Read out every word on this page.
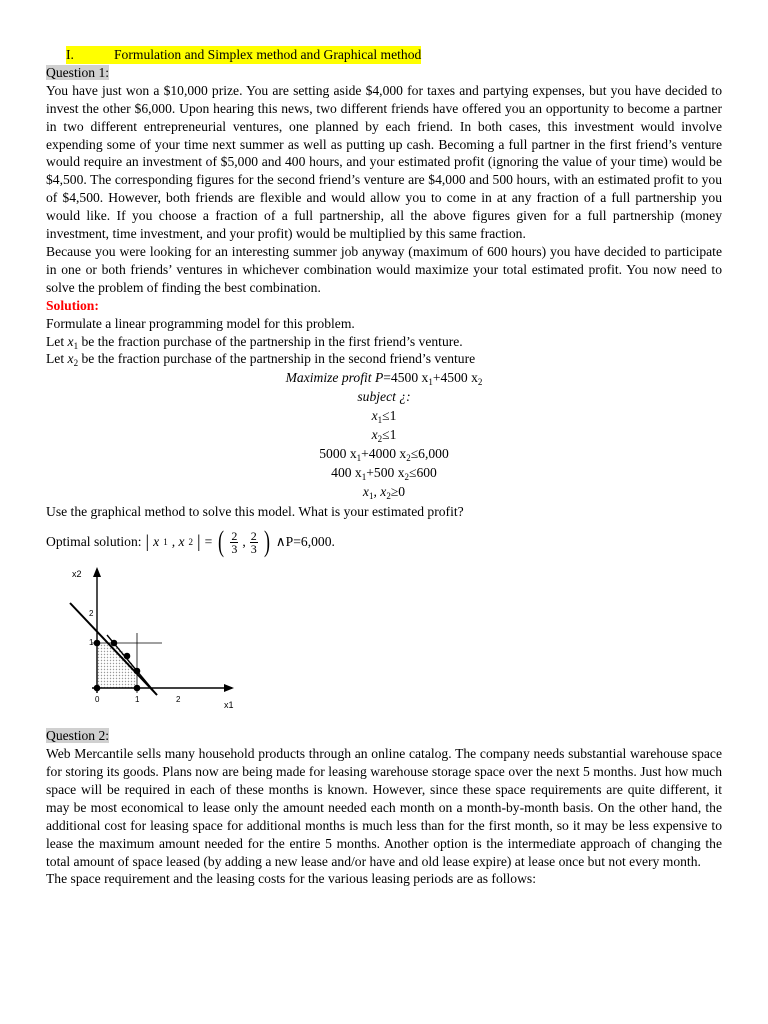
I.	Formulation and Simplex method and Graphical method
Question 1:

You have just won a $10,000 prize. You are setting aside $4,000 for taxes and partying expenses, but you have decided to invest the other $6,000. Upon hearing this news, two different friends have offered you an opportunity to become a partner in two different entrepreneurial ventures, one planned by each friend. In both cases, this investment would involve expending some of your time next summer as well as putting up cash. Becoming a full partner in the first friend’s venture would require an investment of $5,000 and 400 hours, and your estimated profit (ignoring the value of your time) would be $4,500. The corresponding figures for the second friend’s venture are $4,000 and 500 hours, with an estimated profit to you of $4,500. However, both friends are flexible and would allow you to come in at any fraction of a full partnership you would like. If you choose a fraction of a full partnership, all the above figures given for a full partnership (money investment, time investment, and your profit) would be multiplied by this same fraction.

Because you were looking for an interesting summer job anyway (maximum of 600 hours) you have decided to participate in one or both friends’ ventures in whichever combination would maximize your total estimated profit. You now need to solve the problem of finding the best combination.

Solution:
Formulate a linear programming model for this problem.
Let $x_1$ be the fraction purchase of the partnership in the first friend’s venture.
Let $x_2$ be the fraction purchase of the partnership in the second friend’s venture
Maximize profit P=4500 $x_1+4500$ $x_2$
subject ¿:
$x_1\le 1$
$x_2\le 1$
5000 $x_1+4000$ $x_2\le 6,000$
400 $x_1+500$ $x_2\le 600$
$x_1$, $x_2\ge 0$
Use the graphical method to solve this model. What is your estimated profit?
Optimal solution: | x 1 , x 2 | = ( $\frac{2}{3}$ , $\frac{2}{3}$ ) ∧P=6,000.
x2
x1
2
1
0	1	2
Question 2:

Web Mercantile sells many household products through an online catalog. The company needs substantial warehouse space for storing its goods. Plans now are being made for leasing warehouse storage space over the next 5 months. Just how much space will be required in each of these months is known. However, since these space requirements are quite different, it may be most economical to lease only the amount needed each month on a month-by-month basis. On the other hand, the additional cost for leasing space for additional months is much less than for the first month, so it may be less expensive to lease the maximum amount needed for the entire 5 months. Another option is the intermediate approach of changing the total amount of space leased (by adding a new lease and/or have and old lease expire) at lease once but not every month.

The space requirement and the leasing costs for the various leasing periods are as follows:
